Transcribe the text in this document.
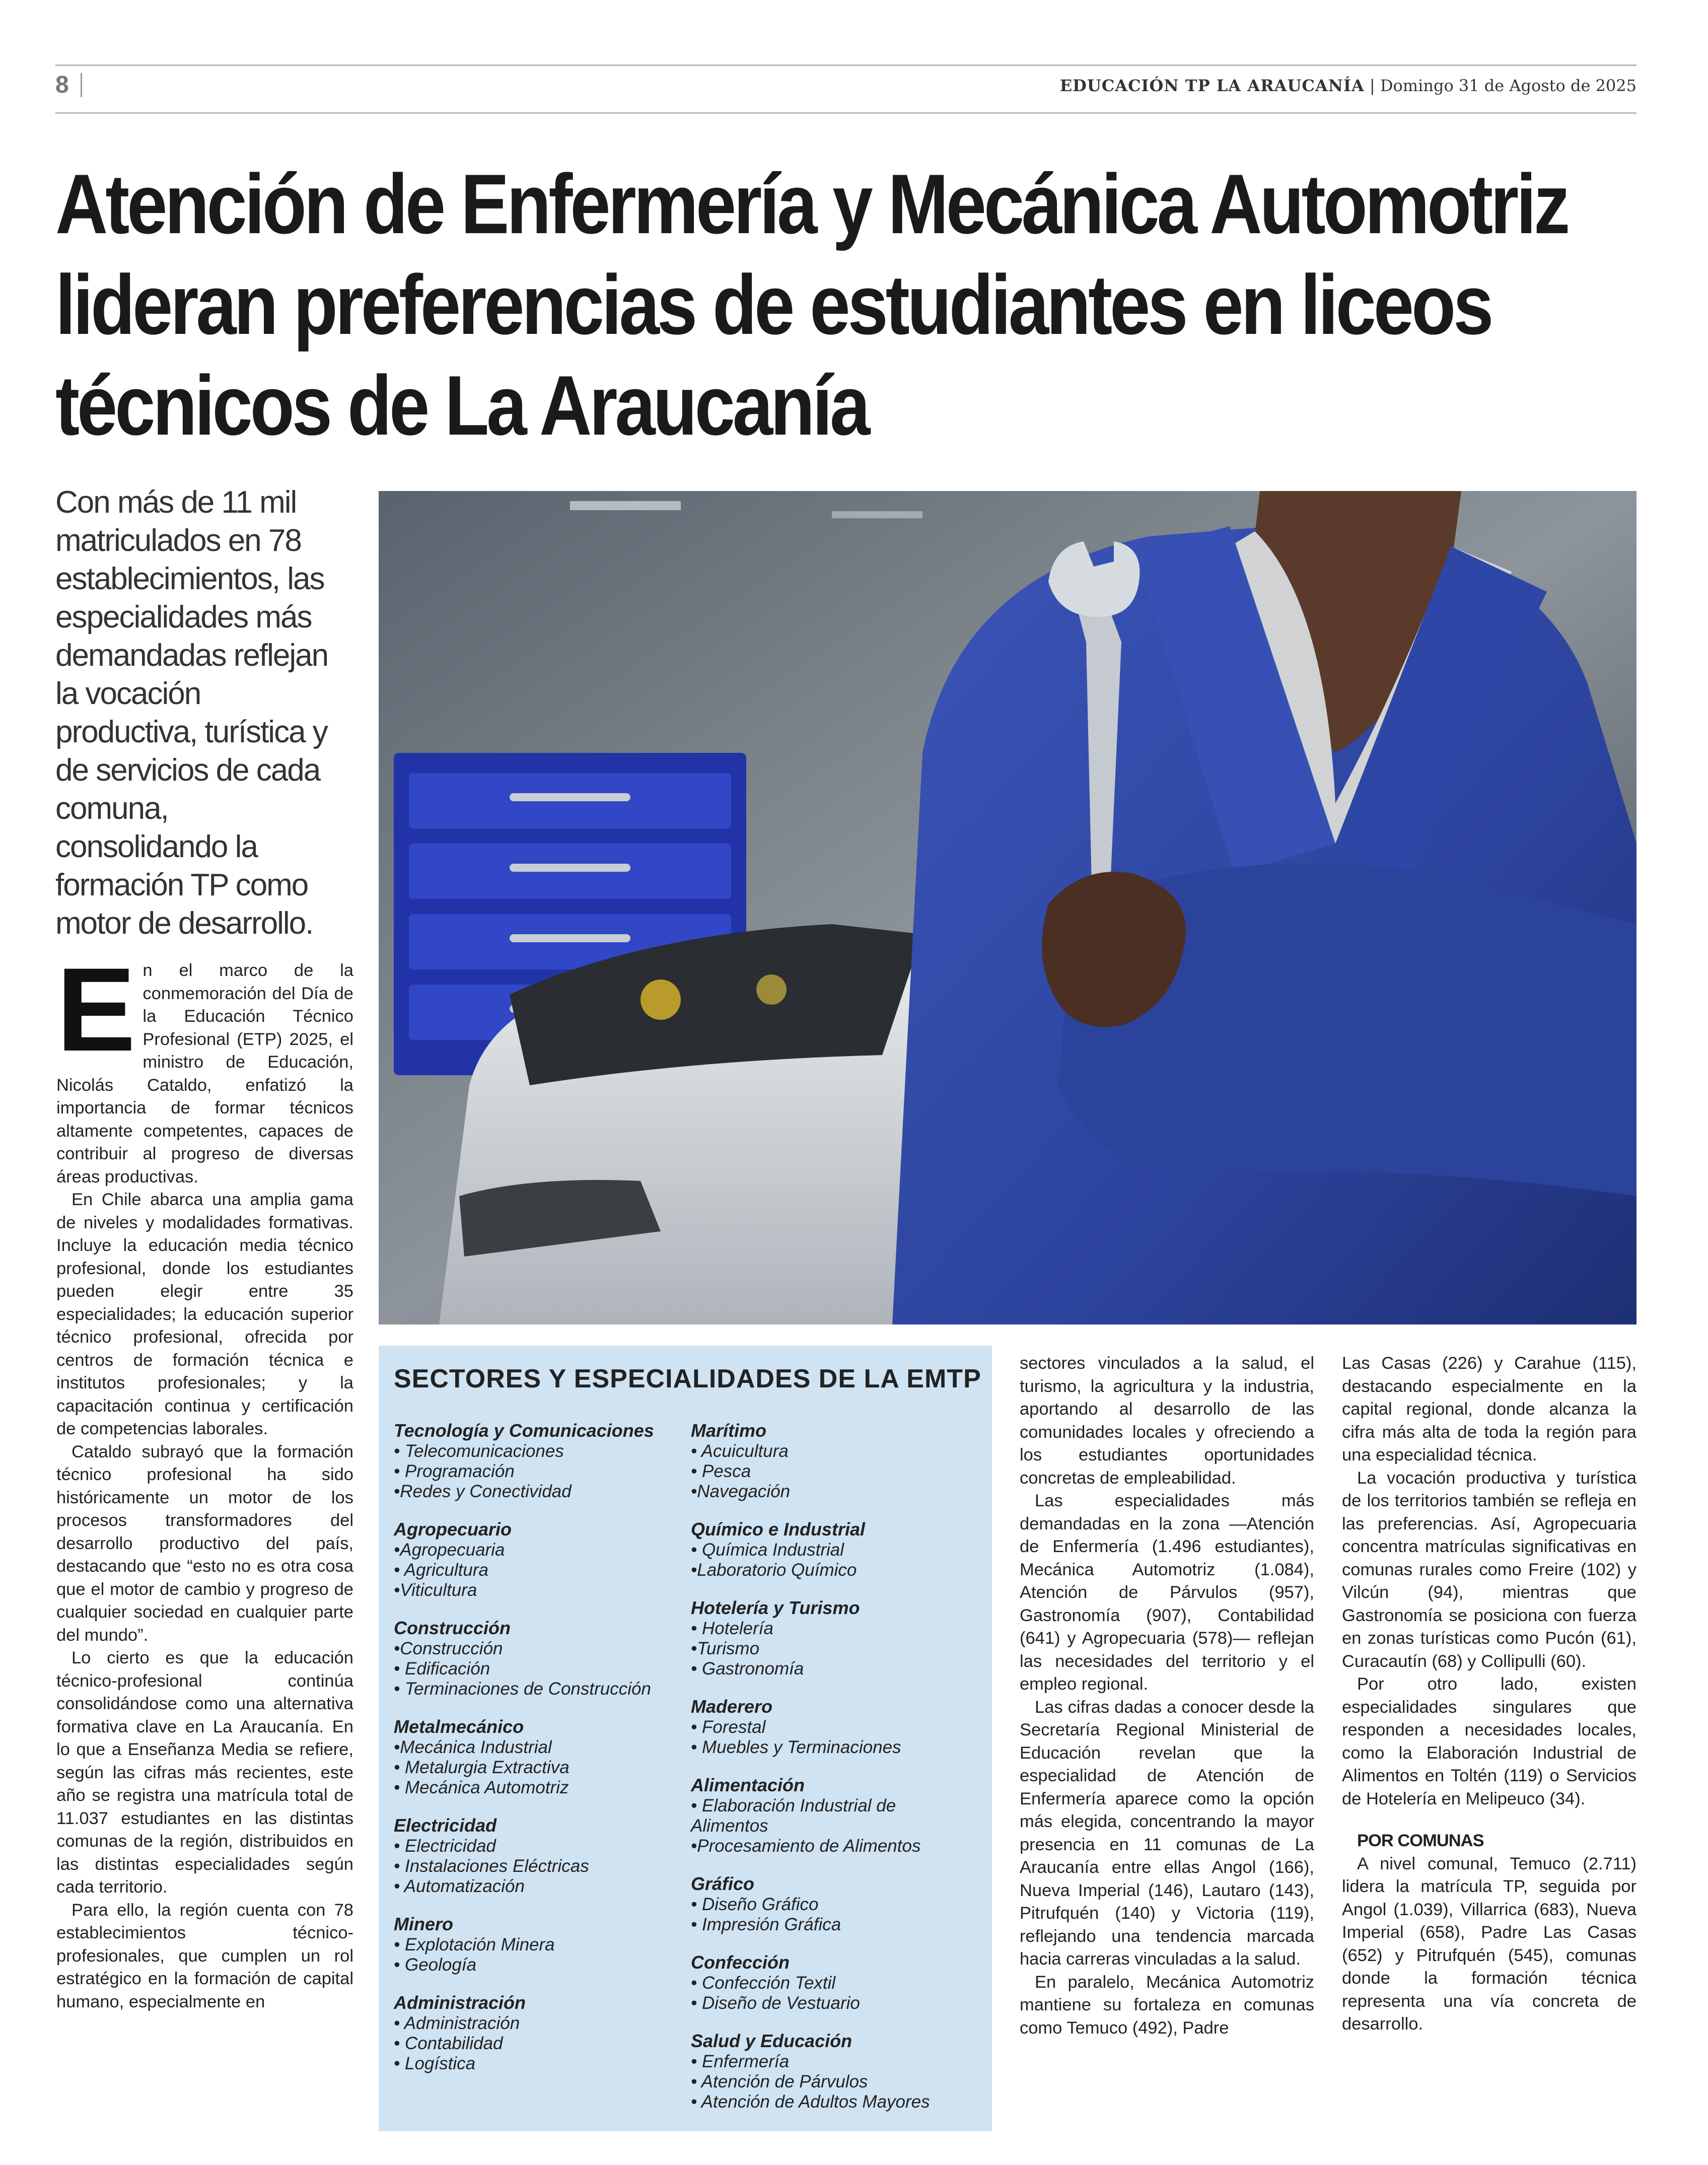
8	EDUCACIÓN TP LA ARAUCANÍA | Domingo 31 de Agosto de 2025
Atención de Enfermería y Mecánica Automotriz
lideran preferencias de estudiantes en liceos
técnicos de La Araucanía

Con más de 11 mil matriculados en 78 establecimientos, las especialidades más demandadas reflejan la vocación productiva, turística y de servicios de cada comuna, consolidando la formación TP como motor de desarrollo.

En el marco de la conmemoración del Día de la Educación Técnico Profesional (ETP) 2025, el ministro de Educación, Nicolás Cataldo, enfatizó la importancia de formar técnicos altamente competentes, capaces de contribuir al progreso de diversas áreas productivas.

En Chile abarca una amplia gama de niveles y modalidades formativas. Incluye la educación media técnico profesional, donde los estudiantes pueden elegir entre 35 especialidades; la educación superior técnico profesional, ofrecida por centros de formación técnica e institutos profesionales; y la capacitación continua y certificación de competencias laborales.

Cataldo subrayó que la formación técnico profesional ha sido históricamente un motor de los procesos transformadores del desarrollo productivo del país, destacando que “esto no es otra cosa que el motor de cambio y progreso de cualquier sociedad en cualquier parte del mundo”.

Lo cierto es que la educación técnico-profesional continúa consolidándose como una alternativa formativa clave en La Araucanía. En lo que a Enseñanza Media se refiere, según las cifras más recientes, este año se registra una matrícula total de 11.037 estudiantes en las distintas comunas de la región, distribuidos en las distintas especialidades según cada territorio.

Para ello, la región cuenta con 78 establecimientos técnico-profesionales, que cumplen un rol estratégico en la formación de capital humano, especialmente en

SECTORES Y ESPECIALIDADES DE LA EMTP
Tecnología y Comunicaciones
• Telecomunicaciones
• Programación
•Redes y Conectividad
Agropecuario
•Agropecuaria
• Agricultura
•Viticultura
Construcción
•Construcción
• Edificación
• Terminaciones de Construcción
Metalmecánico
•Mecánica Industrial
• Metalurgia Extractiva
• Mecánica Automotriz
Electricidad
• Electricidad
• Instalaciones Eléctricas
• Automatización
Minero
• Explotación Minera
• Geología
Administración
• Administración
• Contabilidad
• Logística
Marítimo
• Acuicultura
• Pesca
•Navegación
Químico e Industrial
• Química Industrial
•Laboratorio Químico
Hotelería y Turismo
• Hotelería
•Turismo
• Gastronomía
Maderero
• Forestal
• Muebles y Terminaciones
Alimentación
• Elaboración Industrial de Alimentos
•Procesamiento de Alimentos
Gráfico
• Diseño Gráfico
• Impresión Gráfica
Confección
• Confección Textil
• Diseño de Vestuario
Salud y Educación
• Enfermería
• Atención de Párvulos
• Atención de Adultos Mayores

sectores vinculados a la salud, el turismo, la agricultura y la industria, aportando al desarrollo de las comunidades locales y ofreciendo a los estudiantes oportunidades concretas de empleabilidad.

Las especialidades más demandadas en la zona —Atención de Enfermería (1.496 estudiantes), Mecánica Automotriz (1.084), Atención de Párvulos (957), Gastronomía (907), Contabilidad (641) y Agropecuaria (578)— reflejan las necesidades del territorio y el empleo regional.

Las cifras dadas a conocer desde la Secretaría Regional Ministerial de Educación revelan que la especialidad de Atención de Enfermería aparece como la opción más elegida, concentrando la mayor presencia en 11 comunas de La Araucanía entre ellas Angol (166), Nueva Imperial (146), Lautaro (143), Pitrufquén (140) y Victoria (119), reflejando una tendencia marcada hacia carreras vinculadas a la salud.

En paralelo, Mecánica Automotriz mantiene su fortaleza en comunas como Temuco (492), Padre

Las Casas (226) y Carahue (115), destacando especialmente en la capital regional, donde alcanza la cifra más alta de toda la región para una especialidad técnica.

La vocación productiva y turística de los territorios también se refleja en las preferencias. Así, Agropecuaria concentra matrículas significativas en comunas rurales como Freire (102) y Vilcún (94), mientras que Gastronomía se posiciona con fuerza en zonas turísticas como Pucón (61), Curacautín (68) y Collipulli (60).

Por otro lado, existen especialidades singulares que responden a necesidades locales, como la Elaboración Industrial de Alimentos en Toltén (119) o Servicios de Hotelería en Melipeuco (34).

POR COMUNAS

A nivel comunal, Temuco (2.711) lidera la matrícula TP, seguida por Angol (1.039), Villarrica (683), Nueva Imperial (658), Padre Las Casas (652) y Pitrufquén (545), comunas donde la formación técnica representa una vía concreta de desarrollo.
